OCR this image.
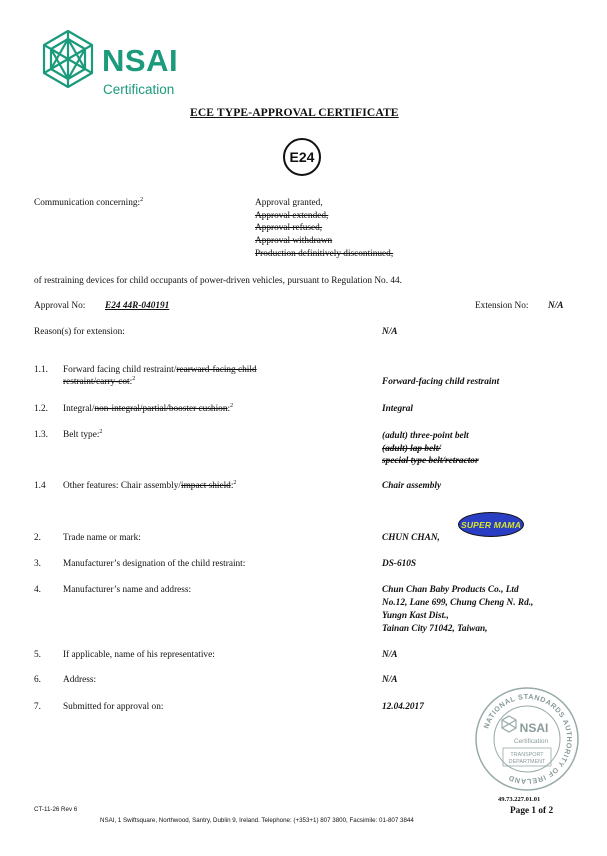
NSAI
Certification
ECE TYPE-APPROVAL CERTIFICATE
E24
Communication concerning:$^2$	Approval granted,
Approval extended,
Approval refused,
Approval withdrawn
Production definitively discontinued,
of restraining devices for child occupants of power-driven vehicles, pursuant to Regulation No. 44.
Approval No: E24 44R-040191	Extension No: N/A
Reason(s) for extension:	N/A
1.1. Forward facing child restraint/rearward-facing child
restraint/carry-cot:$^2$	Forward-facing child restraint
1.2. Integral/non-integral/partial/booster cushion:$^2$	Integral
1.3. Belt type:$^2$	(adult) three-point belt
(adult) lap belt/
special type belt/retractor
1.4 Other features: Chair assembly/impact shield:$^2$	Chair assembly
2. Trade name or mark:	CHUN CHAN,
SUPER MAMA
3. Manufacturer’s designation of the child restraint:	DS-610S
4. Manufacturer’s name and address:	Chun Chan Baby Products Co., Ltd
No.12, Lane 699, Chung Cheng N. Rd.,
Yungn Kast Dist.,
Tainan City 71042, Taiwan,
5. If applicable, name of his representative:	N/A
6. Address:	N/A
7. Submitted for approval on:	12.04.2017
NATIONAL STANDARDS AUTHORITY OF IRELAND
NSAI
Certification
TRANSPORT
DEPARTMENT
49.73.227.01.01
Page 1 of 2
CT-11-26 Rev 6
NSAI, 1 Swiftsquare, Northwood, Santry, Dublin 9, Ireland. Telephone: (+353+1) 807 3800, Facsimile: 01-807 3844
